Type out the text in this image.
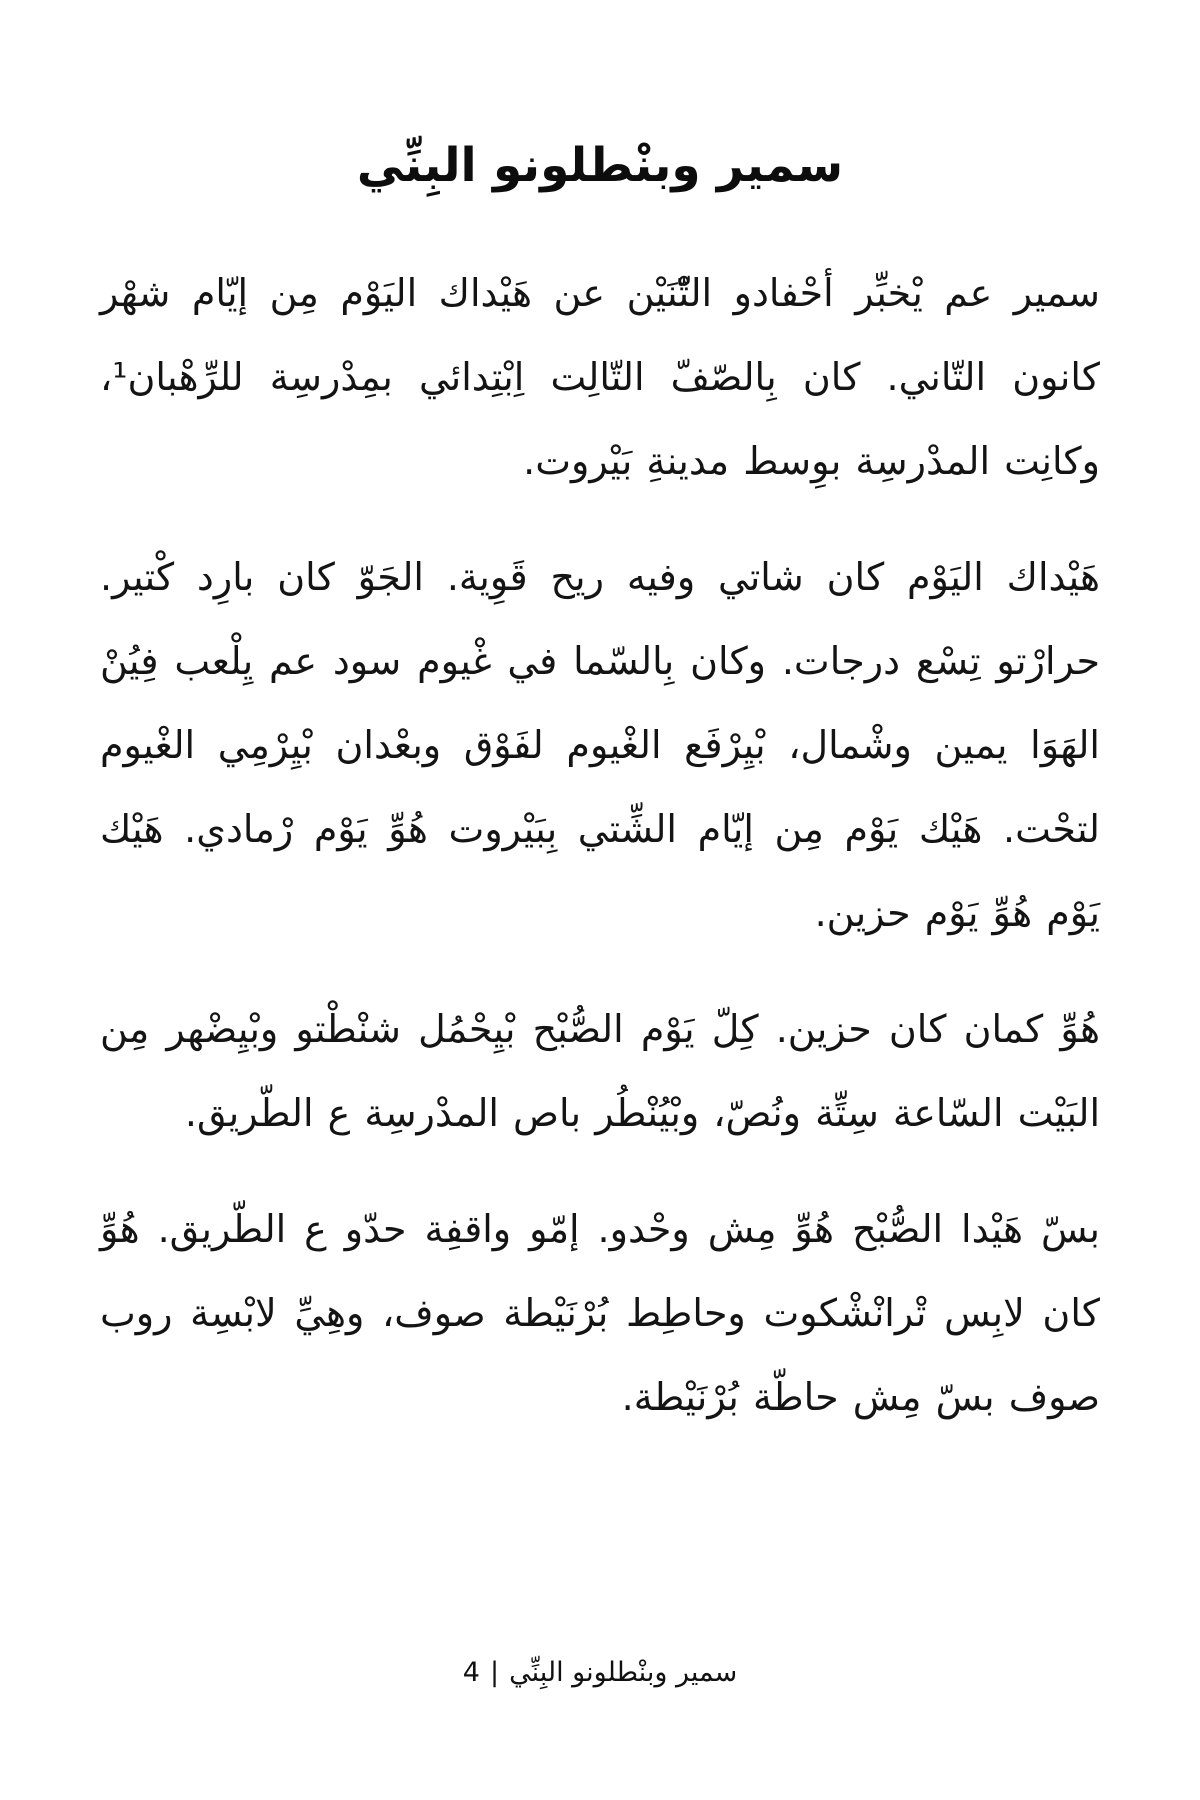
سمير وبنْطلونو البِنِّي

سمير عم يْخبِّر أحْفادو التّْنَيْن عن هَيْداك اليَوْم مِن إيّام شهْر كانون التّاني. كان بِالصّفّ التّالِت اِبْتِدائي بمِدْرسِة للرِّهْبان¹، وكانِت المدْرسِة بوِسط مدينةِ بَيْروت.

هَيْداك اليَوْم كان شاتي وفيه ريح قَوِية. الجَوّ كان بارِد كْتير. حرارْتو تِسْع درجات. وكان بِالسّما في غْيوم سود عم يِلْعب فِيُنْ الهَوَا يمين وشْمال، بْيِرْفَع الغْيوم لفَوْق وبعْدان بْيِرْمِي الغْيوم لتحْت. هَيْك يَوْم مِن إيّام الشِّتي بِبَيْروت هُوِّ يَوْم رْمادي. هَيْك يَوْم هُوِّ يَوْم حزين.

هُوِّ كمان كان حزين. كِلّ يَوْم الصُّبْح بْيِحْمُل شنْطْتو وبْيِضْهر مِن البَيْت السّاعة سِتِّة ونُصّ، وبْيُنْطُر باص المدْرسِة ع الطّريق.

بسّ هَيْدا الصُّبْح هُوِّ مِش وحْدو. إمّو واقفِة حدّو ع الطّريق. هُوِّ كان لابِس تْرانْشْكوت وحاطِط بُرْنَيْطة صوف، وهِيِّ لابْسِة روب صوف بسّ مِش حاطّة بُرْنَيْطة.

سمير وبنْطلونو البِنِّي|4
